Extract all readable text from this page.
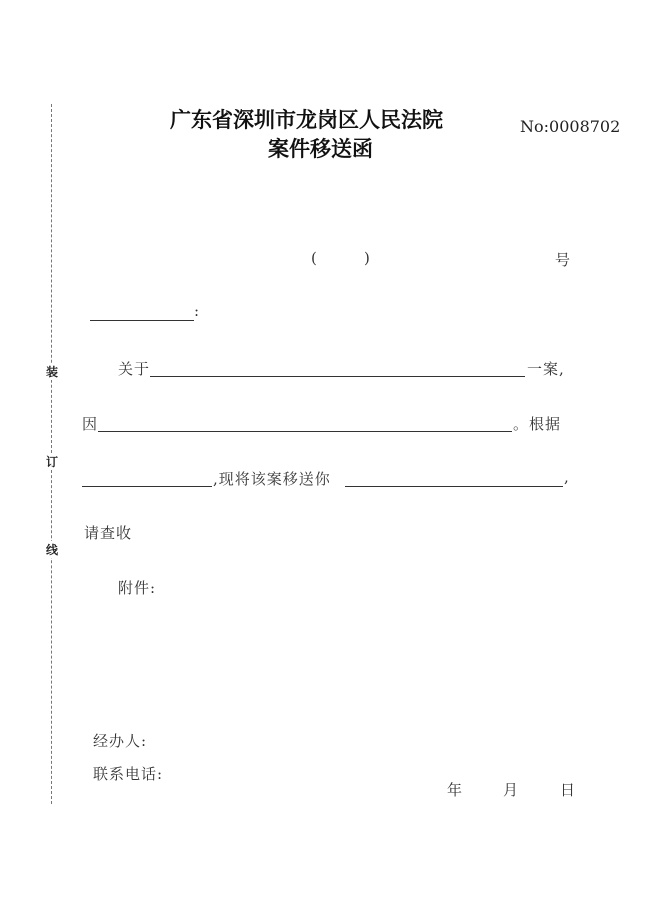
装
订
线
广东省深圳市龙岗区人民法院
案件移送函
No:0008702
(	)	号
:
关于	一案,
因	。根据
,现将该案移送你	,
请查收
附件:
经办人:
联系电话:
年	月	日
